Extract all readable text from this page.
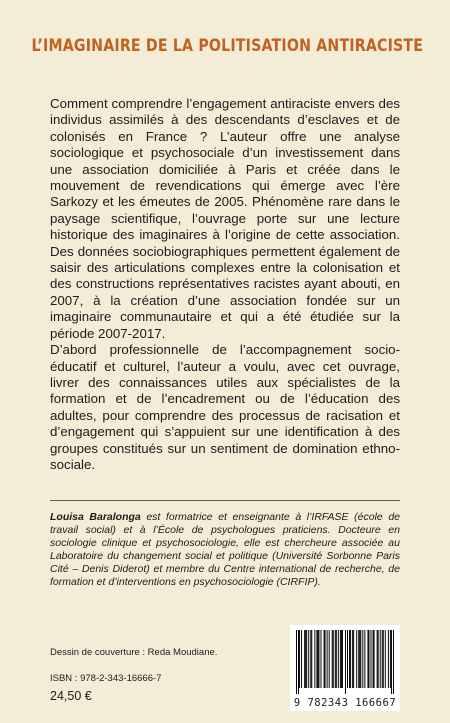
L’IMAGINAIRE DE LA POLITISATION ANTIRACISTE

Comment comprendre l’engagement antiraciste envers des individus assimilés à des descendants d’esclaves et de colonisés en France ? L’auteur offre une analyse sociologique et psychosociale d’un investissement dans une association domiciliée à Paris et créée dans le mouvement de revendications qui émerge avec l’ère Sarkozy et les émeutes de 2005. Phénomène rare dans le paysage scientifique, l’ouvrage porte sur une lecture historique des imaginaires à l’origine de cette association. Des données sociobiographiques permettent également de saisir des articulations complexes entre la colonisation et des constructions représentatives racistes ayant abouti, en 2007, à la création d’une association fondée sur un imaginaire communautaire et qui a été étudiée sur la période 2007-2017.

D’abord professionnelle de l’accompagnement socio-éducatif et culturel, l’auteur a voulu, avec cet ouvrage, livrer des connaissances utiles aux spécialistes de la formation et de l’encadrement ou de l’éducation des adultes, pour comprendre des processus de racisation et d’engagement qui s’appuient sur une identification à des groupes constitués sur un sentiment de domination ethno-sociale.

Louisa Baralonga est formatrice et enseignante à l’IRFASE (école de travail social) et à l’École de psychologues praticiens. Docteure en sociologie clinique et psychosociologie, elle est chercheure associée au Laboratoire du changement social et politique (Université Sorbonne Paris Cité – Denis Diderot) et membre du Centre international de recherche, de formation et d’interventions en psychosociologie (CIRFIP).
Dessin de couverture : Reda Moudiane.
ISBN : 978-2-343-16666-7
24,50 €	9 782343 166667
